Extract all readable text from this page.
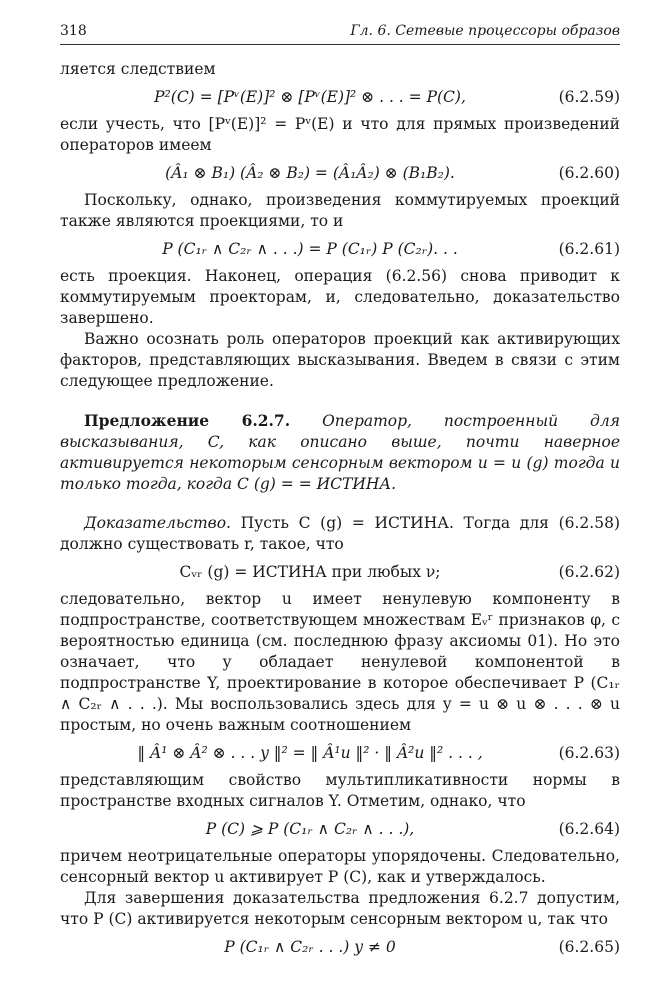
318	Гл. 6. Сетевые процессоры образов

ляется следствием

P²(C) = [Pᵛ(E)]² ⊗ [Pᵛ(E)]² ⊗ . . . = P(C),	(6.2.59)

если учесть, что [Pᵛ(E)]² = Pᵛ(E) и что для прямых произведений операторов имеем

(Â₁ ⊗ B₁) (Â₂ ⊗ B₂) = (Â₁Â₂) ⊗ (B₁B₂).	(6.2.60)

Поскольку, однако, произведения коммутируемых проекций также являются проекциями, то и

P (C₁ᵣ ∧ C₂ᵣ ∧ . . .) = P (C₁ᵣ) P (C₂ᵣ). . .	(6.2.61)

есть проекция. Наконец, операция (6.2.56) снова приводит к коммутируемым проекторам, и, следовательно, доказательство завершено.

Важно осознать роль операторов проекций как активирующих факторов, представляющих высказывания. Введем в связи с этим следующее предложение.

Предложение 6.2.7. Оператор, построенный для высказывания, C, как описано выше, почти наверное активируется некоторым сенсорным вектором u = u (g) тогда и только тогда, когда C (g) = = ИСТИНА.

Доказательство. Пусть C (g) = ИСТИНА. Тогда для (6.2.58) должно существовать r, такое, что

Cᵥᵣ (g) = ИСТИНА при любых ν;	(6.2.62)

следовательно, вектор u имеет ненулевую компоненту в подпространстве, соответствующем множествам Eᵥʳ признаков φ, с вероятностью единица (см. последнюю фразу аксиомы 01). Но это означает, что y обладает ненулевой компонентой в подпространстве Y, проектирование в которое обеспечивает P (C₁ᵣ ∧ C₂ᵣ ∧ . . .). Мы воспользовались здесь для y = u ⊗ u ⊗ . . . ⊗ u простым, но очень важным соотношением

‖ Â¹ ⊗ Â² ⊗ . . . y ‖² = ‖ Â¹u ‖² · ‖ Â²u ‖² . . . ,	(6.2.63)

представляющим свойство мультипликативности нормы в пространстве входных сигналов Y. Отметим, однако, что

P (C) ⩾ P (C₁ᵣ ∧ C₂ᵣ ∧ . . .),	(6.2.64)

причем неотрицательные операторы упорядочены. Следовательно, сенсорный вектор u активирует P (C), как и утверждалось.

Для завершения доказательства предложения 6.2.7 допустим, что P (C) активируется некоторым сенсорным вектором u, так что

P (C₁ᵣ ∧ C₂ᵣ . . .) y ≠ 0	(6.2.65)
